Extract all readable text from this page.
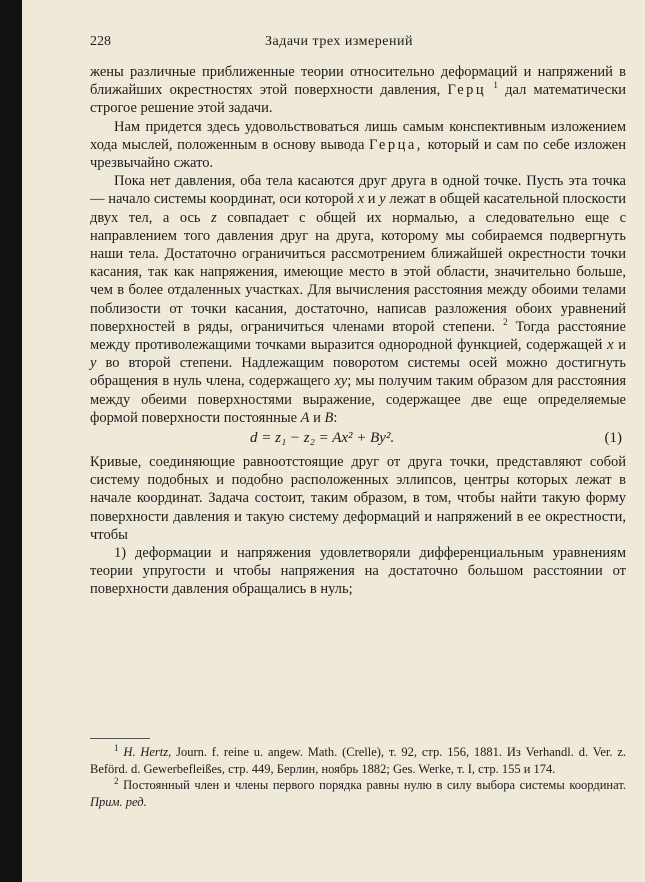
228	Задачи трех измерений

жены различные приближенные теории относительно деформаций и напряжений в ближайших окрестностях этой поверхности давления, Герц $^1$ дал математически строгое решение этой задачи.

Нам придется здесь удовольствоваться лишь самым конспективным изложением хода мыслей, положенным в основу вывода Герца, который и сам по себе изложен чрезвычайно сжато.

Пока нет давления, оба тела касаются друг друга в одной точке. Пусть эта точка — начало системы координат, оси которой x и y лежат в общей касательной плоскости двух тел, а ось z совпадает с общей их нормалью, а следовательно еще с направлением того давления друг на друга, которому мы собираемся подвергнуть наши тела. Достаточно ограничиться рассмотрением ближайшей окрестности точки касания, так как напряжения, имеющие место в этой области, значительно больше, чем в более отдаленных участках. Для вычисления расстояния между обоими телами поблизости от точки касания, достаточно, написав разложения обоих уравнений поверхностей в ряды, ограничиться членами второй степени. $^2$ Тогда расстояние между противолежащими точками выразится однородной функцией, содержащей x и y во второй степени. Надлежащим поворотом системы осей можно достигнуть обращения в нуль члена, содержащего xy; мы получим таким образом для расстояния между обеими поверхностями выражение, содержащее две еще определяемые формой поверхности постоянные A и B:

d = z₁ − z₂ = Ax² + By².	(1)

Кривые, соединяющие равноотстоящие друг от друга точки, представляют собой систему подобных и подобно расположенных эллипсов, центры которых лежат в начале координат. Задача состоит, таким образом, в том, чтобы найти такую форму поверхности давления и такую систему деформаций и напряжений в ее окрестности, чтобы

1) деформации и напряжения удовлетворяли дифференциальным уравнениям теории упругости и чтобы напряжения на достаточно большом расстоянии от поверхности давления обращались в нуль;

$^1$ H. Hertz, Journ. f. reine u. angew. Math. (Crelle), т. 92, стр. 156, 1881. Из Verhandl. d. Ver. z. Beförd. d. Gewerbefleißes, стр. 449, Берлин, ноябрь 1882; Ges. Werke, т. I, стр. 155 и 174.

$^2$ Постоянный член и члены первого порядка равны нулю в силу выбора системы координат. Прим. ред.
